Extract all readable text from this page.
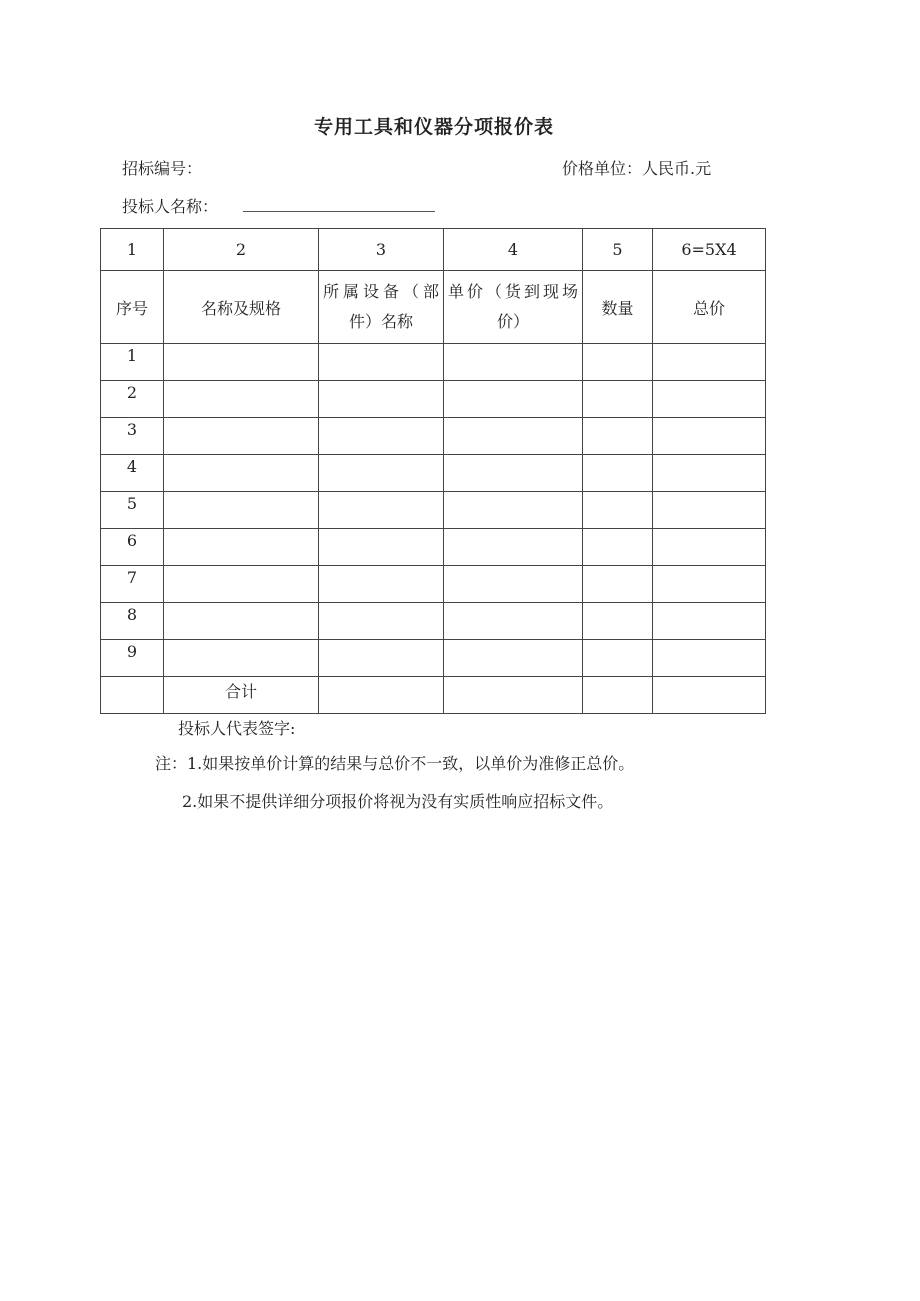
专用工具和仪器分项报价表
招标编号：	价格单位：人民币.元
投标人名称：
1	2	3	4	5	6=5X4
序号	名称及规格	所属设备（部件）名称	单价（货到现场价）	数量	总价
1					
2					
3					
4					
5					
6					
7					
8					
9					
	合计				
投标人代表签字:
注：1.如果按单价计算的结果与总价不一致，以单价为准修正总价。
2.如果不提供详细分项报价将视为没有实质性响应招标文件。
